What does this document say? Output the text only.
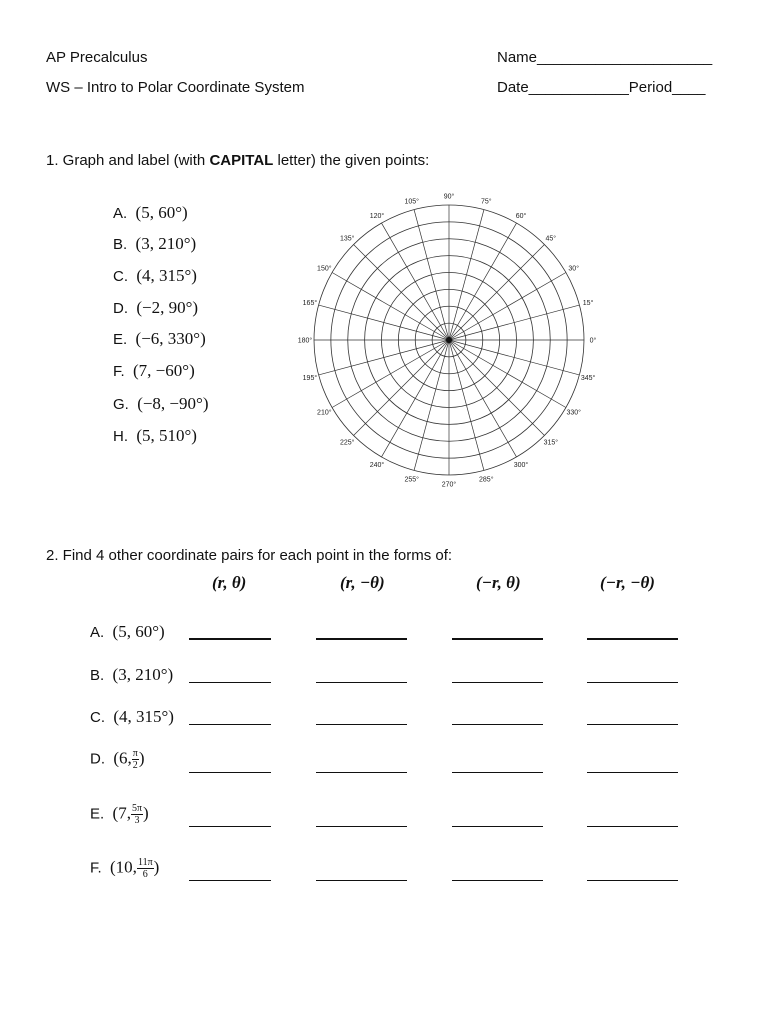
AP Precalculus
WS – Intro to Polar Coordinate System
Name_____________________
Date____________Period____
1. Graph and label (with CAPITAL letter) the given points:
A. (5, 60°)
B. (3, 210°)
C. (4, 315°)
D. (−2, 90°)
E. (−6, 330°)
F. (7, −60°)
G. (−8, −90°)
H. (5, 510°)
0°
15°
30°
45°
60°
75°
90°
105°
120°
135°
150°
165°
180°
195°
210°
225°
240°
255°
270°
285°
300°
315°
330°
345°
2. Find 4 other coordinate pairs for each point in the forms of:
(r, θ)	(r, −θ)	(−r, θ)	(−r, −θ)
A. (5, 60°)
B. (3, 210°)
C. (4, 315°)
D. (6, $\frac{\pi}{2}$ )
E. (7, $\frac{5\pi}{3}$ )
F. (10, $\frac{11\pi}{6}$ )
